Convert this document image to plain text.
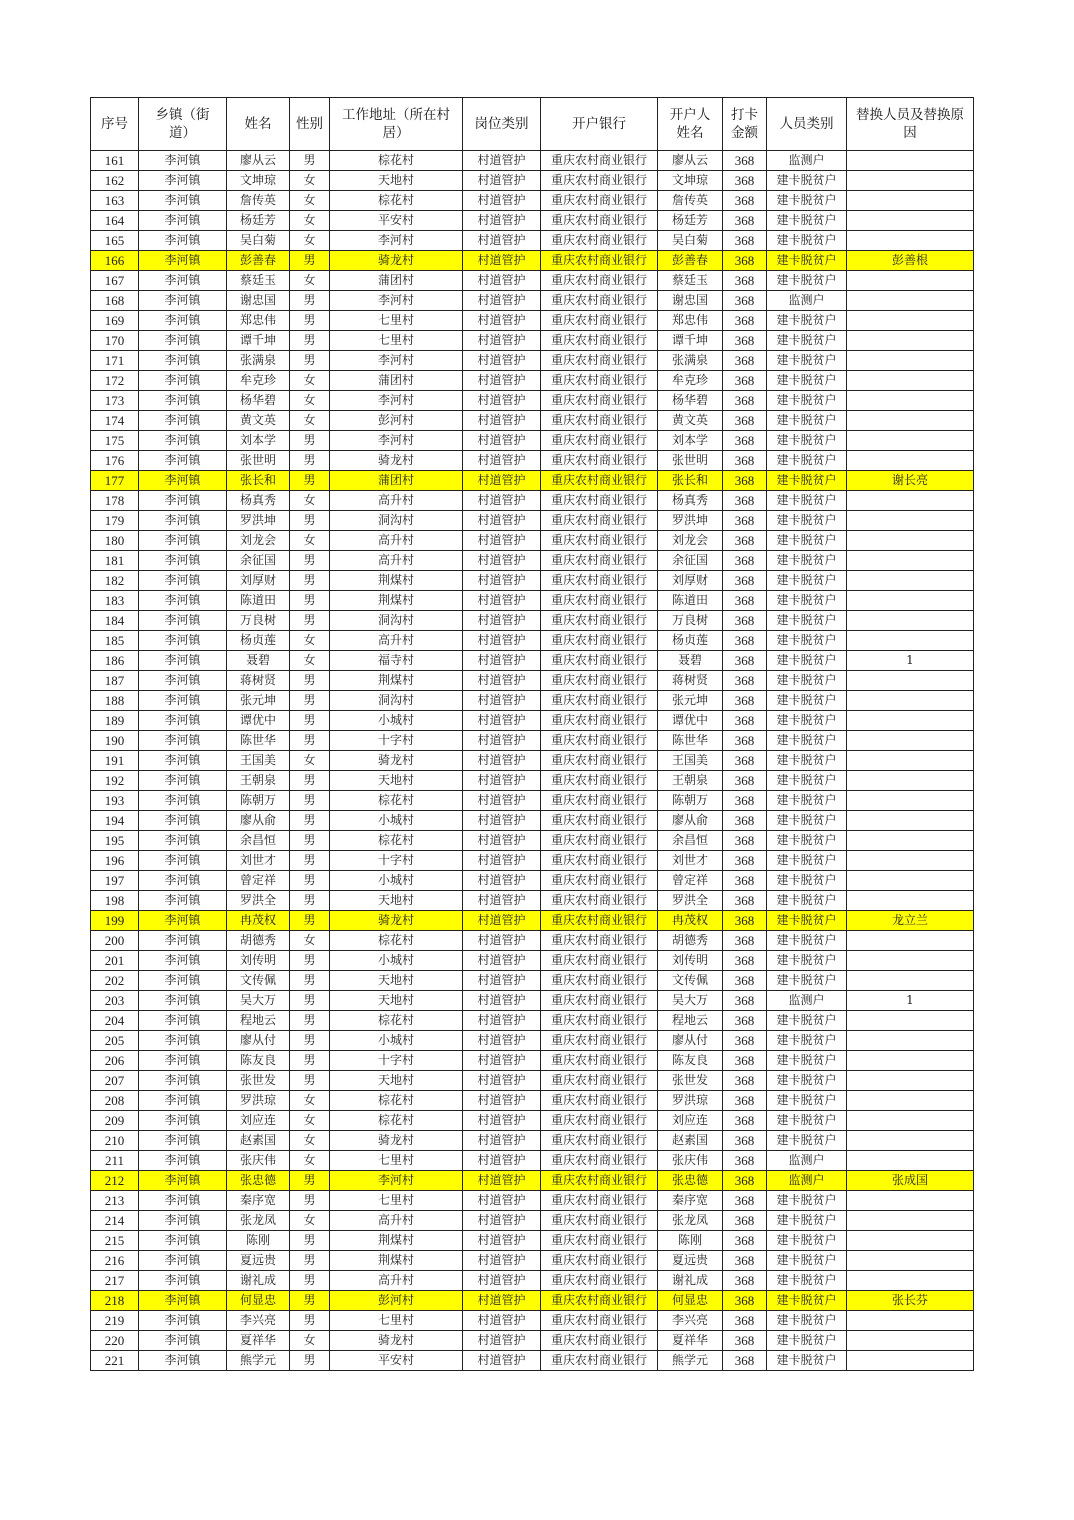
序号	乡镇（街道）	姓名	性别	工作地址（所在村居）	岗位类别	开户银行	开户人姓名	打卡金额	人员类别	替换人员及替换原因
161	李河镇	廖从云	男	棕花村	村道管护	重庆农村商业银行	廖从云	368	监测户	
162	李河镇	文坤琼	女	天地村	村道管护	重庆农村商业银行	文坤琼	368	建卡脱贫户	
163	李河镇	詹传英	女	棕花村	村道管护	重庆农村商业银行	詹传英	368	建卡脱贫户	
164	李河镇	杨廷芳	女	平安村	村道管护	重庆农村商业银行	杨廷芳	368	建卡脱贫户	
165	李河镇	吴白菊	女	李河村	村道管护	重庆农村商业银行	吴白菊	368	建卡脱贫户	
166	李河镇	彭善春	男	骑龙村	村道管护	重庆农村商业银行	彭善春	368	建卡脱贫户	彭善根
167	李河镇	蔡廷玉	女	蒲团村	村道管护	重庆农村商业银行	蔡廷玉	368	建卡脱贫户	
168	李河镇	谢忠国	男	李河村	村道管护	重庆农村商业银行	谢忠国	368	监测户	
169	李河镇	郑忠伟	男	七里村	村道管护	重庆农村商业银行	郑忠伟	368	建卡脱贫户	
170	李河镇	谭千坤	男	七里村	村道管护	重庆农村商业银行	谭千坤	368	建卡脱贫户	
171	李河镇	张满泉	男	李河村	村道管护	重庆农村商业银行	张满泉	368	建卡脱贫户	
172	李河镇	牟克珍	女	蒲团村	村道管护	重庆农村商业银行	牟克珍	368	建卡脱贫户	
173	李河镇	杨华碧	女	李河村	村道管护	重庆农村商业银行	杨华碧	368	建卡脱贫户	
174	李河镇	黄文英	女	彭河村	村道管护	重庆农村商业银行	黄文英	368	建卡脱贫户	
175	李河镇	刘本学	男	李河村	村道管护	重庆农村商业银行	刘本学	368	建卡脱贫户	
176	李河镇	张世明	男	骑龙村	村道管护	重庆农村商业银行	张世明	368	建卡脱贫户	
177	李河镇	张长和	男	蒲团村	村道管护	重庆农村商业银行	张长和	368	建卡脱贫户	谢长亮
178	李河镇	杨真秀	女	高升村	村道管护	重庆农村商业银行	杨真秀	368	建卡脱贫户	
179	李河镇	罗洪坤	男	洞沟村	村道管护	重庆农村商业银行	罗洪坤	368	建卡脱贫户	
180	李河镇	刘龙会	女	高升村	村道管护	重庆农村商业银行	刘龙会	368	建卡脱贫户	
181	李河镇	余征国	男	高升村	村道管护	重庆农村商业银行	余征国	368	建卡脱贫户	
182	李河镇	刘厚财	男	荆煤村	村道管护	重庆农村商业银行	刘厚财	368	建卡脱贫户	
183	李河镇	陈道田	男	荆煤村	村道管护	重庆农村商业银行	陈道田	368	建卡脱贫户	
184	李河镇	万良树	男	洞沟村	村道管护	重庆农村商业银行	万良树	368	建卡脱贫户	
185	李河镇	杨贞莲	女	高升村	村道管护	重庆农村商业银行	杨贞莲	368	建卡脱贫户	
186	李河镇	聂碧	女	福寺村	村道管护	重庆农村商业银行	聂碧	368	建卡脱贫户	1
187	李河镇	蒋树贤	男	荆煤村	村道管护	重庆农村商业银行	蒋树贤	368	建卡脱贫户	
188	李河镇	张元坤	男	洞沟村	村道管护	重庆农村商业银行	张元坤	368	建卡脱贫户	
189	李河镇	谭优中	男	小城村	村道管护	重庆农村商业银行	谭优中	368	建卡脱贫户	
190	李河镇	陈世华	男	十字村	村道管护	重庆农村商业银行	陈世华	368	建卡脱贫户	
191	李河镇	王国美	女	骑龙村	村道管护	重庆农村商业银行	王国美	368	建卡脱贫户	
192	李河镇	王朝泉	男	天地村	村道管护	重庆农村商业银行	王朝泉	368	建卡脱贫户	
193	李河镇	陈朝万	男	棕花村	村道管护	重庆农村商业银行	陈朝万	368	建卡脱贫户	
194	李河镇	廖从俞	男	小城村	村道管护	重庆农村商业银行	廖从俞	368	建卡脱贫户	
195	李河镇	余昌恒	男	棕花村	村道管护	重庆农村商业银行	余昌恒	368	建卡脱贫户	
196	李河镇	刘世才	男	十字村	村道管护	重庆农村商业银行	刘世才	368	建卡脱贫户	
197	李河镇	曾定祥	男	小城村	村道管护	重庆农村商业银行	曾定祥	368	建卡脱贫户	
198	李河镇	罗洪全	男	天地村	村道管护	重庆农村商业银行	罗洪全	368	建卡脱贫户	
199	李河镇	冉茂权	男	骑龙村	村道管护	重庆农村商业银行	冉茂权	368	建卡脱贫户	龙立兰
200	李河镇	胡德秀	女	棕花村	村道管护	重庆农村商业银行	胡德秀	368	建卡脱贫户	
201	李河镇	刘传明	男	小城村	村道管护	重庆农村商业银行	刘传明	368	建卡脱贫户	
202	李河镇	文传佩	男	天地村	村道管护	重庆农村商业银行	文传佩	368	建卡脱贫户	
203	李河镇	吴大万	男	天地村	村道管护	重庆农村商业银行	吴大万	368	监测户	1
204	李河镇	程地云	男	棕花村	村道管护	重庆农村商业银行	程地云	368	建卡脱贫户	
205	李河镇	廖从付	男	小城村	村道管护	重庆农村商业银行	廖从付	368	建卡脱贫户	
206	李河镇	陈友良	男	十字村	村道管护	重庆农村商业银行	陈友良	368	建卡脱贫户	
207	李河镇	张世发	男	天地村	村道管护	重庆农村商业银行	张世发	368	建卡脱贫户	
208	李河镇	罗洪琼	女	棕花村	村道管护	重庆农村商业银行	罗洪琼	368	建卡脱贫户	
209	李河镇	刘应连	女	棕花村	村道管护	重庆农村商业银行	刘应连	368	建卡脱贫户	
210	李河镇	赵素国	女	骑龙村	村道管护	重庆农村商业银行	赵素国	368	建卡脱贫户	
211	李河镇	张庆伟	女	七里村	村道管护	重庆农村商业银行	张庆伟	368	监测户	
212	李河镇	张忠德	男	李河村	村道管护	重庆农村商业银行	张忠德	368	监测户	张成国
213	李河镇	秦序宽	男	七里村	村道管护	重庆农村商业银行	秦序宽	368	建卡脱贫户	
214	李河镇	张龙凤	女	高升村	村道管护	重庆农村商业银行	张龙凤	368	建卡脱贫户	
215	李河镇	陈刚	男	荆煤村	村道管护	重庆农村商业银行	陈刚	368	建卡脱贫户	
216	李河镇	夏远贵	男	荆煤村	村道管护	重庆农村商业银行	夏远贵	368	建卡脱贫户	
217	李河镇	谢礼成	男	高升村	村道管护	重庆农村商业银行	谢礼成	368	建卡脱贫户	
218	李河镇	何显忠	男	彭河村	村道管护	重庆农村商业银行	何显忠	368	建卡脱贫户	张长芬
219	李河镇	李兴亮	男	七里村	村道管护	重庆农村商业银行	李兴亮	368	建卡脱贫户	
220	李河镇	夏祥华	女	骑龙村	村道管护	重庆农村商业银行	夏祥华	368	建卡脱贫户	
221	李河镇	熊学元	男	平安村	村道管护	重庆农村商业银行	熊学元	368	建卡脱贫户	
